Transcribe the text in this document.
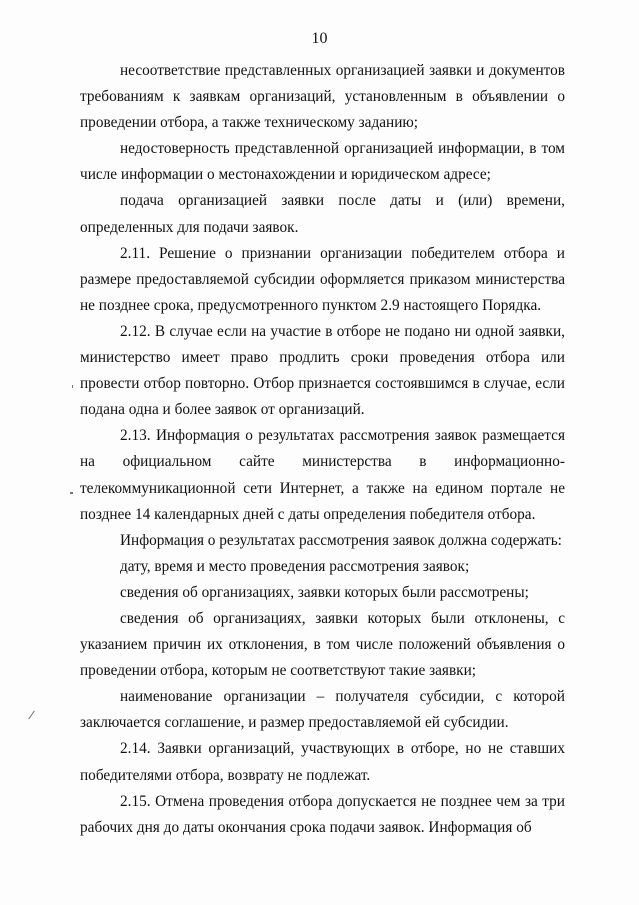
10

несоответствие представленных организацией заявки и документов требованиям к заявкам организаций, установленным в объявлении о проведении отбора, а также техническому заданию;

недостоверность представленной организацией информации, в том числе информации о местонахождении и юридическом адресе;

подача организацией заявки после даты и (или) времени, определенных для подачи заявок.

2.11. Решение о признании организации победителем отбора и размере предоставляемой субсидии оформляется приказом министерства не позднее срока, предусмотренного пунктом 2.9 настоящего Порядка.

2.12. В случае если на участие в отборе не подано ни одной заявки, министерство имеет право продлить сроки проведения отбора или провести отбор повторно. Отбор признается состоявшимся в случае, если подана одна и более заявок от организаций.

2.13. Информация о результатах рассмотрения заявок размещается на официальном сайте министерства в информационно-телекоммуникационной сети Интернет, а также на едином портале не позднее 14 календарных дней с даты определения победителя отбора.

Информация о результатах рассмотрения заявок должна содержать:

дату, время и место проведения рассмотрения заявок;

сведения об организациях, заявки которых были рассмотрены;

сведения об организациях, заявки которых были отклонены, с указанием причин их отклонения, в том числе положений объявления о проведении отбора, которым не соответствуют такие заявки;

наименование организации – получателя субсидии, с которой заключается соглашение, и размер предоставляемой ей субсидии.

2.14. Заявки организаций, участвующих в отборе, но не ставших победителями отбора, возврату не подлежат.

2.15. Отмена проведения отбора допускается не позднее чем за три рабочих дня до даты окончания срока подачи заявок. Информация об
